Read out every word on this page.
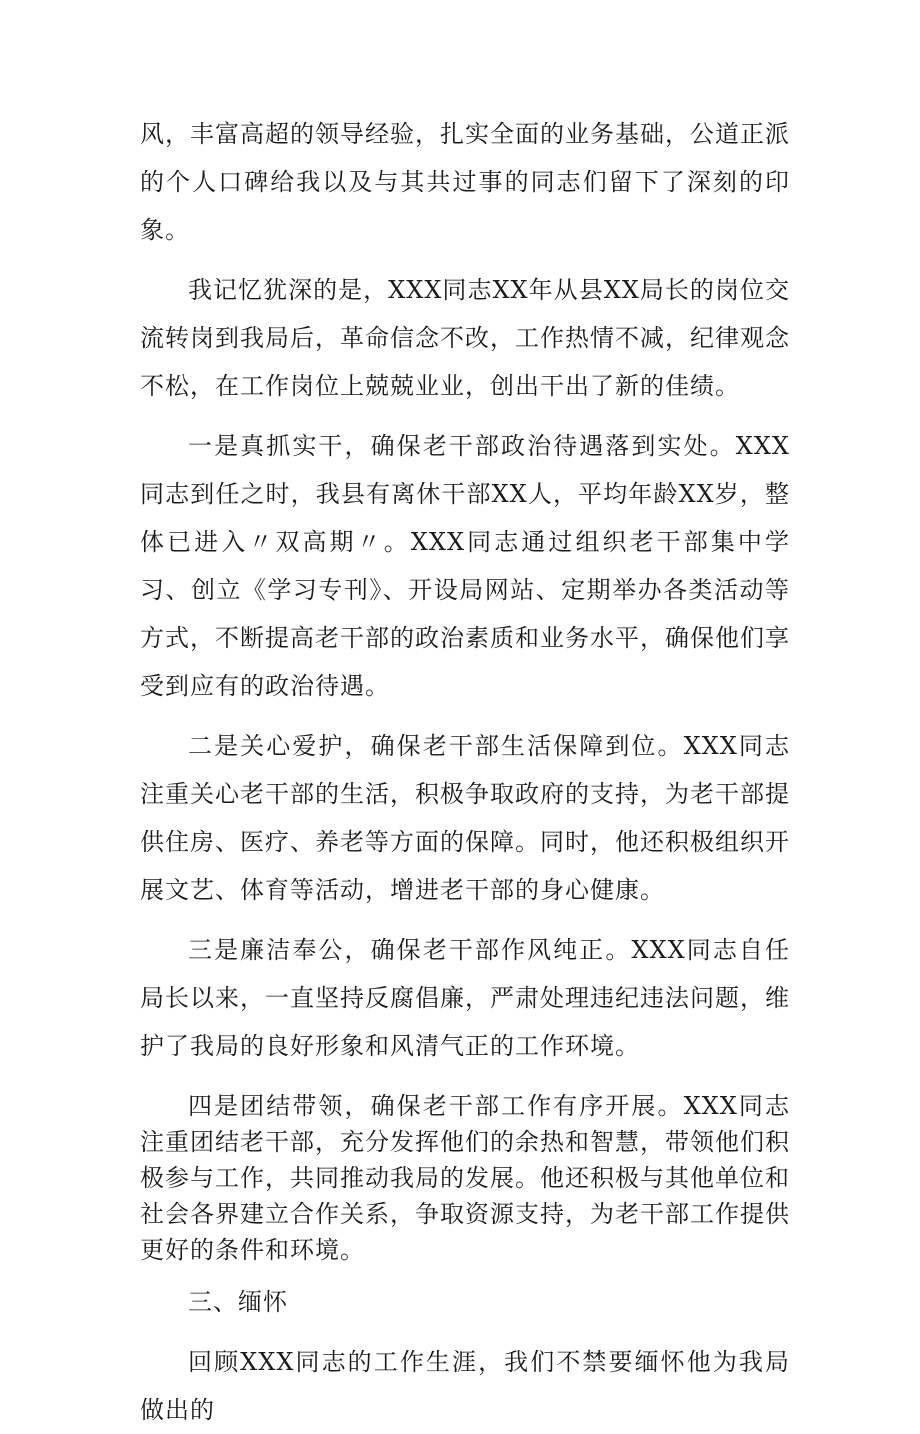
风，丰富高超的领导经验，扎实全面的业务基础，公道正派的个人口碑给我以及与其共过事的同志们留下了深刻的印象。

我记忆犹深的是，XXX同志XX年从县XX局长的岗位交流转岗到我局后，革命信念不改，工作热情不减，纪律观念不松，在工作岗位上兢兢业业，创出干出了新的佳绩。

一是真抓实干，确保老干部政治待遇落到实处。XXX同志到任之时，我县有离休干部XX人，平均年龄XX岁，整体已进入〃双高期〃。XXX同志通过组织老干部集中学习、创立《学习专刊》、开设局网站、定期举办各类活动等方式，不断提高老干部的政治素质和业务水平，确保他们享受到应有的政治待遇。

二是关心爱护，确保老干部生活保障到位。XXX同志注重关心老干部的生活，积极争取政府的支持，为老干部提供住房、医疗、养老等方面的保障。同时，他还积极组织开展文艺、体育等活动，增进老干部的身心健康。

三是廉洁奉公，确保老干部作风纯正。XXX同志自任局长以来，一直坚持反腐倡廉，严肃处理违纪违法问题，维护了我局的良好形象和风清气正的工作环境。

四是团结带领，确保老干部工作有序开展。XXX同志注重团结老干部，充分发挥他们的余热和智慧，带领他们积极参与工作，共同推动我局的发展。他还积极与其他单位和社会各界建立合作关系，争取资源支持，为老干部工作提供更好的条件和环境。

三、缅怀

回顾XXX同志的工作生涯，我们不禁要缅怀他为我局做出的
